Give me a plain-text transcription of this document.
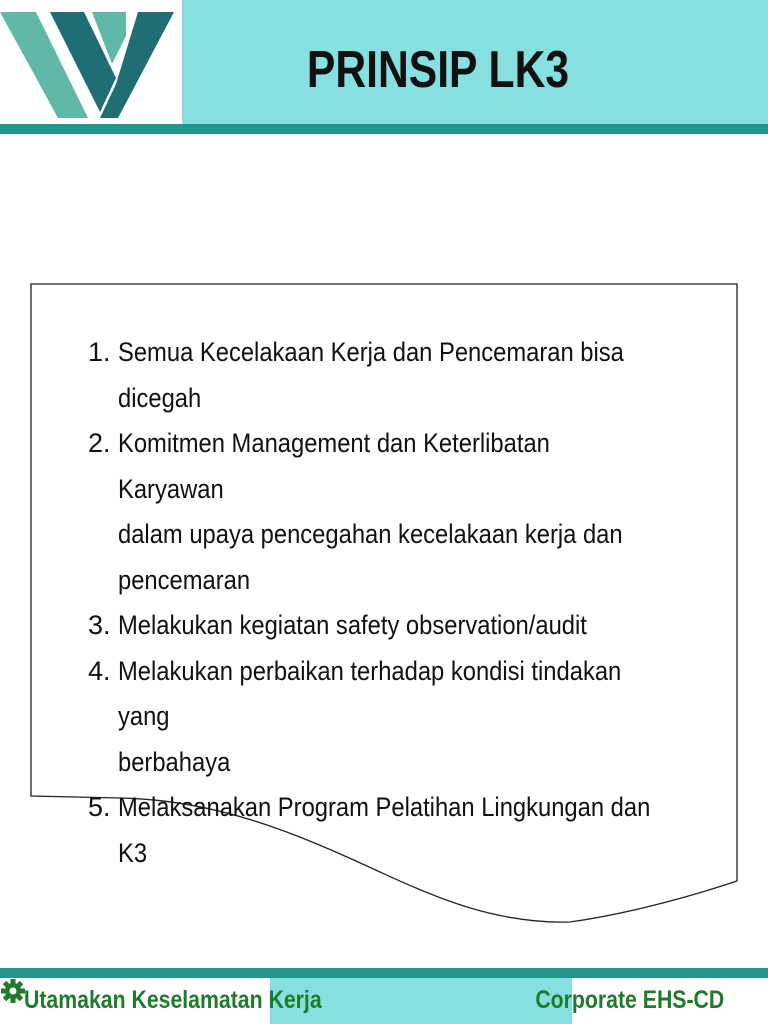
PRINSIP LK3
1. Semua Kecelakaan Kerja dan Pencemaran bisa dicegah
2. Komitmen Management dan Keterlibatan Karyawan
dalam upaya pencegahan kecelakaan kerja dan
pencemaran
3. Melakukan kegiatan safety observation/audit
4. Melakukan perbaikan terhadap kondisi tindakan yang
berbahaya
5. Melaksanakan Program Pelatihan Lingkungan dan K3
Utamakan Keselamatan Kerja	Corporate EHS-CD
